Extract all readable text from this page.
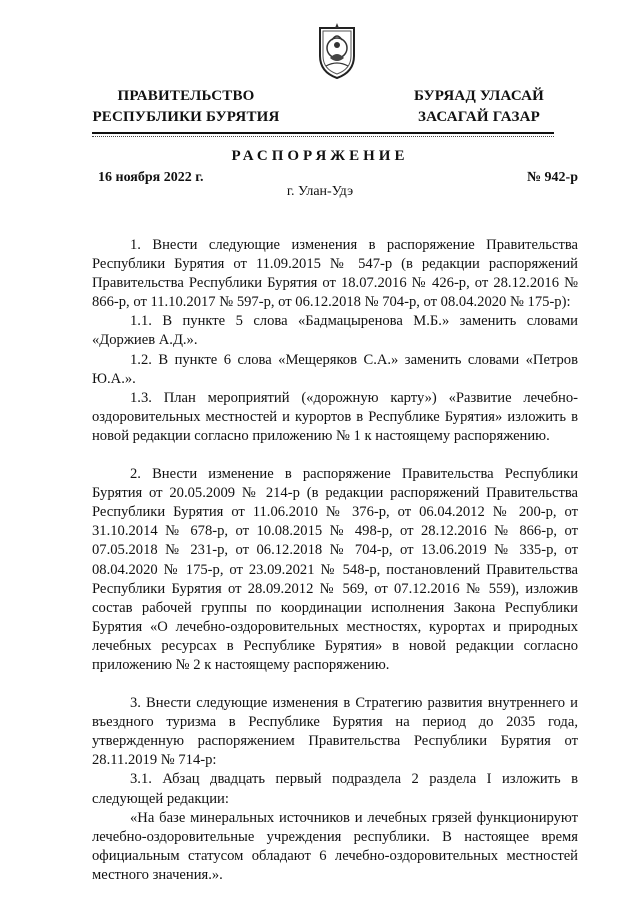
ПРАВИТЕЛЬСТВО
РЕСПУБЛИКИ БУРЯТИЯ
БУРЯАД УЛАСАЙ
ЗАСАГАЙ ГАЗАР
РАСПОРЯЖЕНИЕ
16 ноября 2022 г.	№ 942-р
г. Улан-Удэ

1. Внести следующие изменения в распоряжение Правительства Республики Бурятия от 11.09.2015 № 547-р (в редакции распоряжений Правительства Республики Бурятия от 18.07.2016 № 426-р, от 28.12.2016 № 866-р, от 11.10.2017 № 597-р, от 06.12.2018 № 704-р, от 08.04.2020 № 175-р):

1.1. В пункте 5 слова «Бадмацыренова М.Б.» заменить словами «Доржиев А.Д.».

1.2. В пункте 6 слова «Мещеряков С.А.» заменить словами «Петров Ю.А.».

1.3. План мероприятий («дорожную карту») «Развитие лечебно-оздоровительных местностей и курортов в Республике Бурятия» изложить в новой редакции согласно приложению № 1 к настоящему распоряжению.

2. Внести изменение в распоряжение Правительства Республики Бурятия от 20.05.2009 № 214-р (в редакции распоряжений Правительства Республики Бурятия от 11.06.2010 № 376-р, от 06.04.2012 № 200-р, от 31.10.2014 № 678-р, от 10.08.2015 № 498-р, от 28.12.2016 № 866-р, от 07.05.2018 № 231-р, от 06.12.2018 № 704-р, от 13.06.2019 № 335-р, от 08.04.2020 № 175-р, от 23.09.2021 № 548-р, постановлений Правительства Республики Бурятия от 28.09.2012 № 569, от 07.12.2016 № 559), изложив состав рабочей группы по координации исполнения Закона Республики Бурятия «О лечебно-оздоровительных местностях, курортах и природных лечебных ресурсах в Республике Бурятия» в новой редакции согласно приложению № 2 к настоящему распоряжению.

3. Внести следующие изменения в Стратегию развития внутреннего и въездного туризма в Республике Бурятия на период до 2035 года, утвержденную распоряжением Правительства Республики Бурятия от 28.11.2019 № 714-р:

3.1. Абзац двадцать первый подраздела 2 раздела I изложить в следующей редакции:

«На базе минеральных источников и лечебных грязей функционируют лечебно-оздоровительные учреждения республики. В настоящее время официальным статусом обладают 6 лечебно-оздоровительных местностей местного значения.».
